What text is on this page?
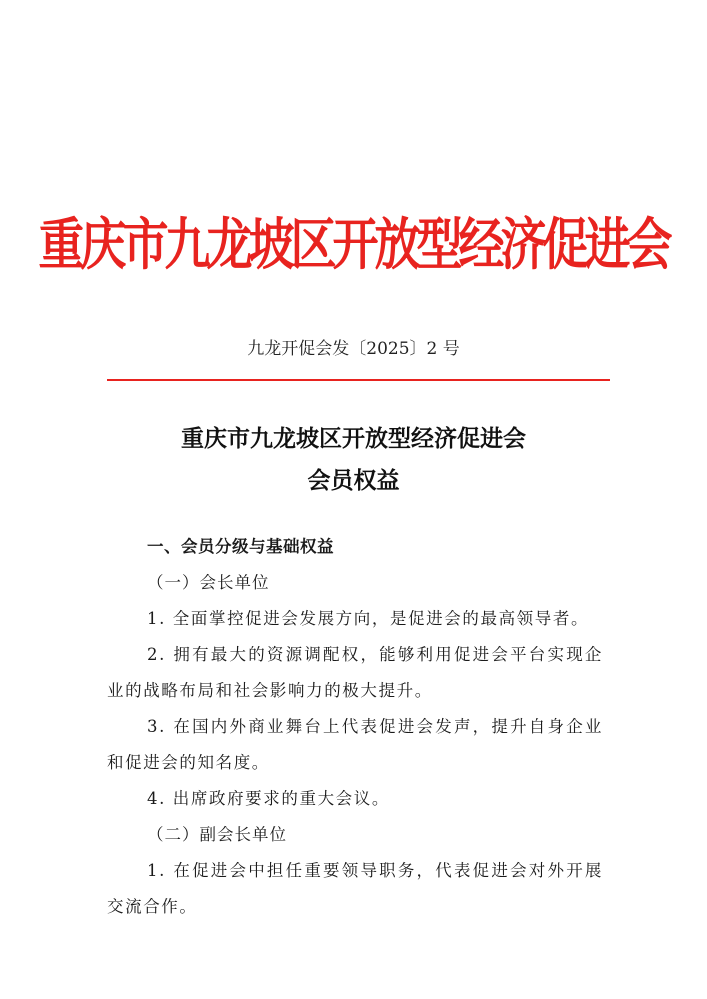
重庆市九龙坡区开放型经济促进会
九龙开促会发〔2025〕2 号
重庆市九龙坡区开放型经济促进会
会员权益

一、会员分级与基础权益

（一）会长单位

1. 全面掌控促进会发展方向，是促进会的最高领导者。

2. 拥有最大的资源调配权，能够利用促进会平台实现企业的战略布局和社会影响力的极大提升。

3. 在国内外商业舞台上代表促进会发声，提升自身企业和促进会的知名度。

4. 出席政府要求的重大会议。

（二）副会长单位

1. 在促进会中担任重要领导职务，代表促进会对外开展交流合作。
